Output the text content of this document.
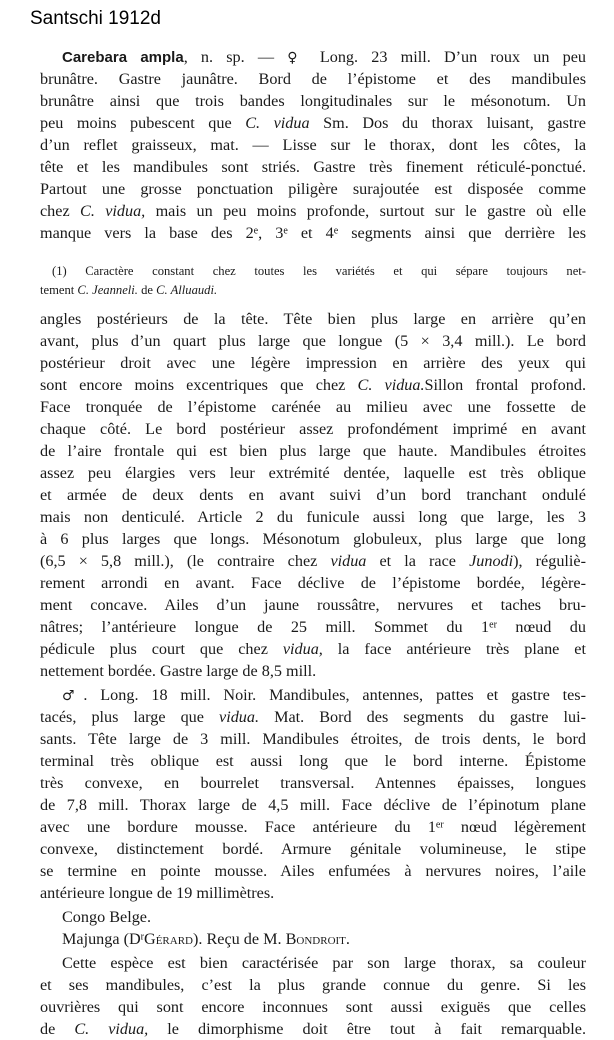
Santschi 1912d
Carebara ampla, n. sp. — ♀ Long. 23 mill. D’un roux un peu
brunâtre. Gastre jaunâtre. Bord de l’épistome et des mandibules
brunâtre ainsi que trois bandes longitudinales sur le mésonotum. Un
peu moins pubescent que C. vidua Sm. Dos du thorax luisant, gastre
d’un reflet graisseux, mat. — Lisse sur le thorax, dont les côtes, la
tête et les mandibules sont striés. Gastre très finement réticulé-ponctué.
Partout une grosse ponctuation piligère surajoutée est disposée comme
chez C. vidua, mais un peu moins profonde, surtout sur le gastre où elle
manque vers la base des 2e, 3e et 4e segments ainsi que derrière les
(1) Caractère constant chez toutes les variétés et qui sépare toujours net-
tement C. Jeanneli. de C. Alluaudi.
angles postérieurs de la tête. Tête bien plus large en arrière qu’en
avant, plus d’un quart plus large que longue (5 × 3,4 mill.). Le bord
postérieur droit avec une légère impression en arrière des yeux qui
sont encore moins excentriques que chez C. vidua.Sillon frontal profond.
Face tronquée de l’épistome carénée au milieu avec une fossette de
chaque côté. Le bord postérieur assez profondément imprimé en avant
de l’aire frontale qui est bien plus large que haute. Mandibules étroites
assez peu élargies vers leur extrémité dentée, laquelle est très oblique
et armée de deux dents en avant suivi d’un bord tranchant ondulé
mais non denticulé. Article 2 du funicule aussi long que large, les 3
à 6 plus larges que longs. Mésonotum globuleux, plus large que long
(6,5 × 5,8 mill.), (le contraire chez vidua et la race Junodi), réguliè-
rement arrondi en avant. Face déclive de l’épistome bordée, légère-
ment concave. Ailes d’un jaune roussâtre, nervures et taches bru-
nâtres; l’antérieure longue de 25 mill. Sommet du 1er nœud du
pédicule plus court que chez vidua, la face antérieure très plane et
nettement bordée. Gastre large de 8,5 mill.
♂. Long. 18 mill. Noir. Mandibules, antennes, pattes et gastre tes-
tacés, plus large que vidua. Mat. Bord des segments du gastre lui-
sants. Tête large de 3 mill. Mandibules étroites, de trois dents, le bord
terminal très oblique est aussi long que le bord interne. Épistome
très convexe, en bourrelet transversal. Antennes épaisses, longues
de 7,8 mill. Thorax large de 4,5 mill. Face déclive de l’épinotum plane
avec une bordure mousse. Face antérieure du 1er nœud légèrement
convexe, distinctement bordé. Armure génitale volumineuse, le stipe
se termine en pointe mousse. Ailes enfumées à nervures noires, l’aile
antérieure longue de 19 millimètres.
Congo Belge.
Majunga $(D^rGérard)$. Reçu de M. Bondroit.
Cette espèce est bien caractérisée par son large thorax, sa couleur
et ses mandibules, c’est la plus grande connue du genre. Si les
ouvrières qui sont encore inconnues sont aussi exiguës que celles
de C. vidua, le dimorphisme doit être tout à fait remarquable.
